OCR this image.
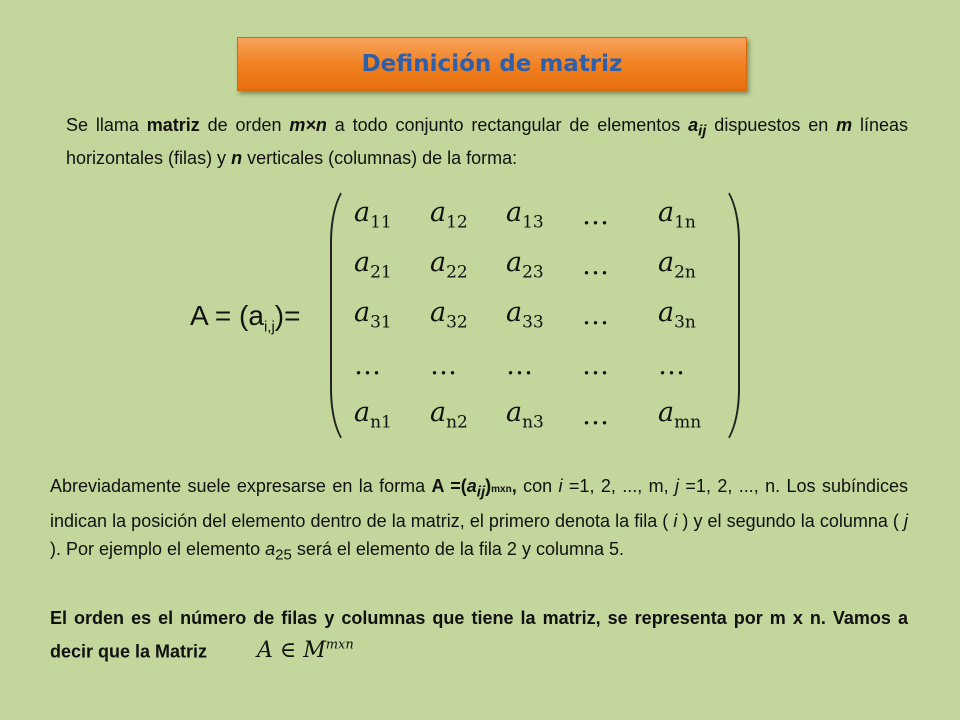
Definición de matriz
Se llama matriz de orden m×n a todo conjunto rectangular de elementos $a_{ij}$ dispuestos en m líneas horizontales (filas) y n verticales (columnas) de la forma:
$A = (a_{i,j})=$
$a_{11}$ $a_{12}$ $a_{13}$ … $a_{1n}$
$a_{21}$ $a_{22}$ $a_{23}$ … $a_{2n}$
$a_{31}$ $a_{32}$ $a_{33}$ … $a_{3n}$
… … … … …
$a_{n1}$ $a_{n2}$ $a_{n3}$ … $a_{mn}$
Abreviadamente suele expresarse en la forma $A =(a_{ij})mxn$, con i =1, 2, ..., m, j =1, 2, ..., n. Los subíndices indican la posición del elemento dentro de la matriz, el primero denota la fila ( i ) y el segundo la columna ( j ). Por ejemplo el elemento $a_{25}$ será el elemento de la fila 2 y columna 5.
El orden es el número de filas y columnas que tiene la matriz, se representa por m x n. Vamos a decir que la Matriz A ∈ $M^{mxn}$
